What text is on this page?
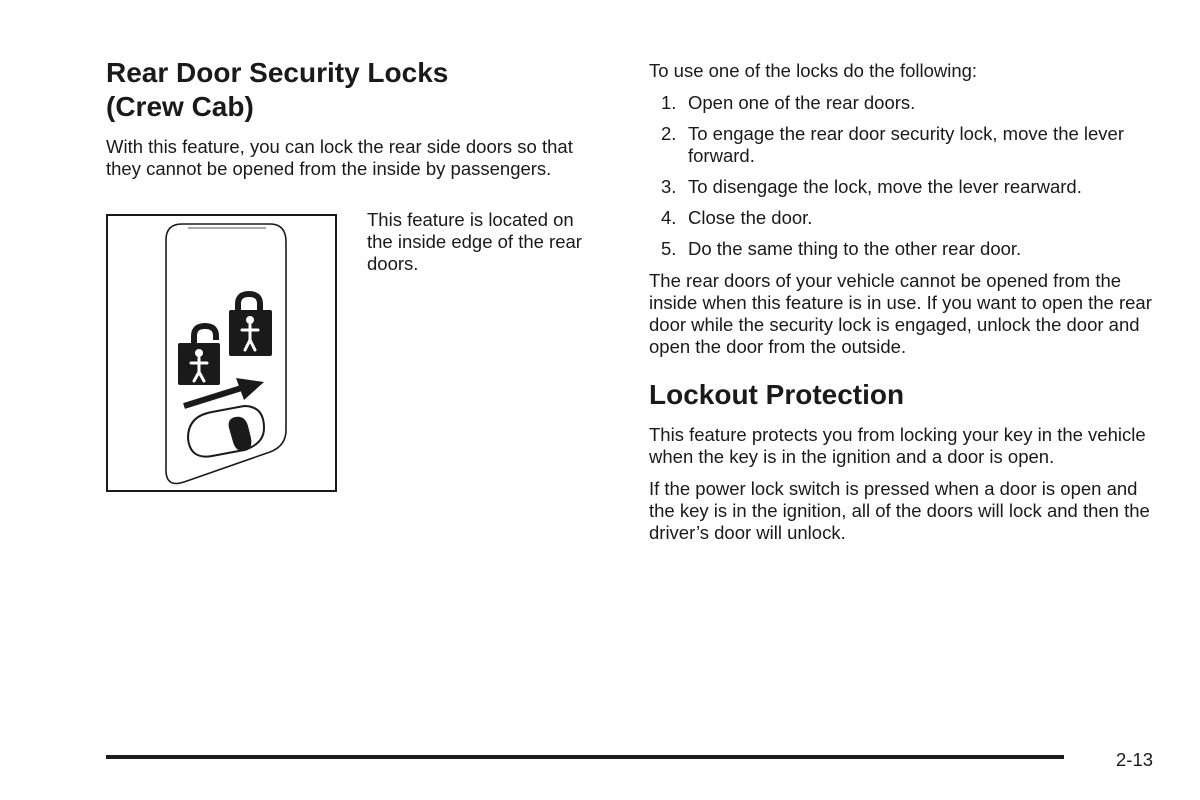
Rear Door Security Locks
(Crew Cab)

With this feature, you can lock the rear side doors so that they cannot be opened from the inside by passengers.

This feature is located on the inside edge of the rear doors.

To use one of the locks do the following:

1. Open one of the rear doors.
2. To engage the rear door security lock, move the lever forward.
3. To disengage the lock, move the lever rearward.
4. Close the door.
5. Do the same thing to the other rear door.

The rear doors of your vehicle cannot be opened from the inside when this feature is in use. If you want to open the rear door while the security lock is engaged, unlock the door and open the door from the outside.

Lockout Protection

This feature protects you from locking your key in the vehicle when the key is in the ignition and a door is open.

If the power lock switch is pressed when a door is open and the key is in the ignition, all of the doors will lock and then the driver’s door will unlock.

2-13
